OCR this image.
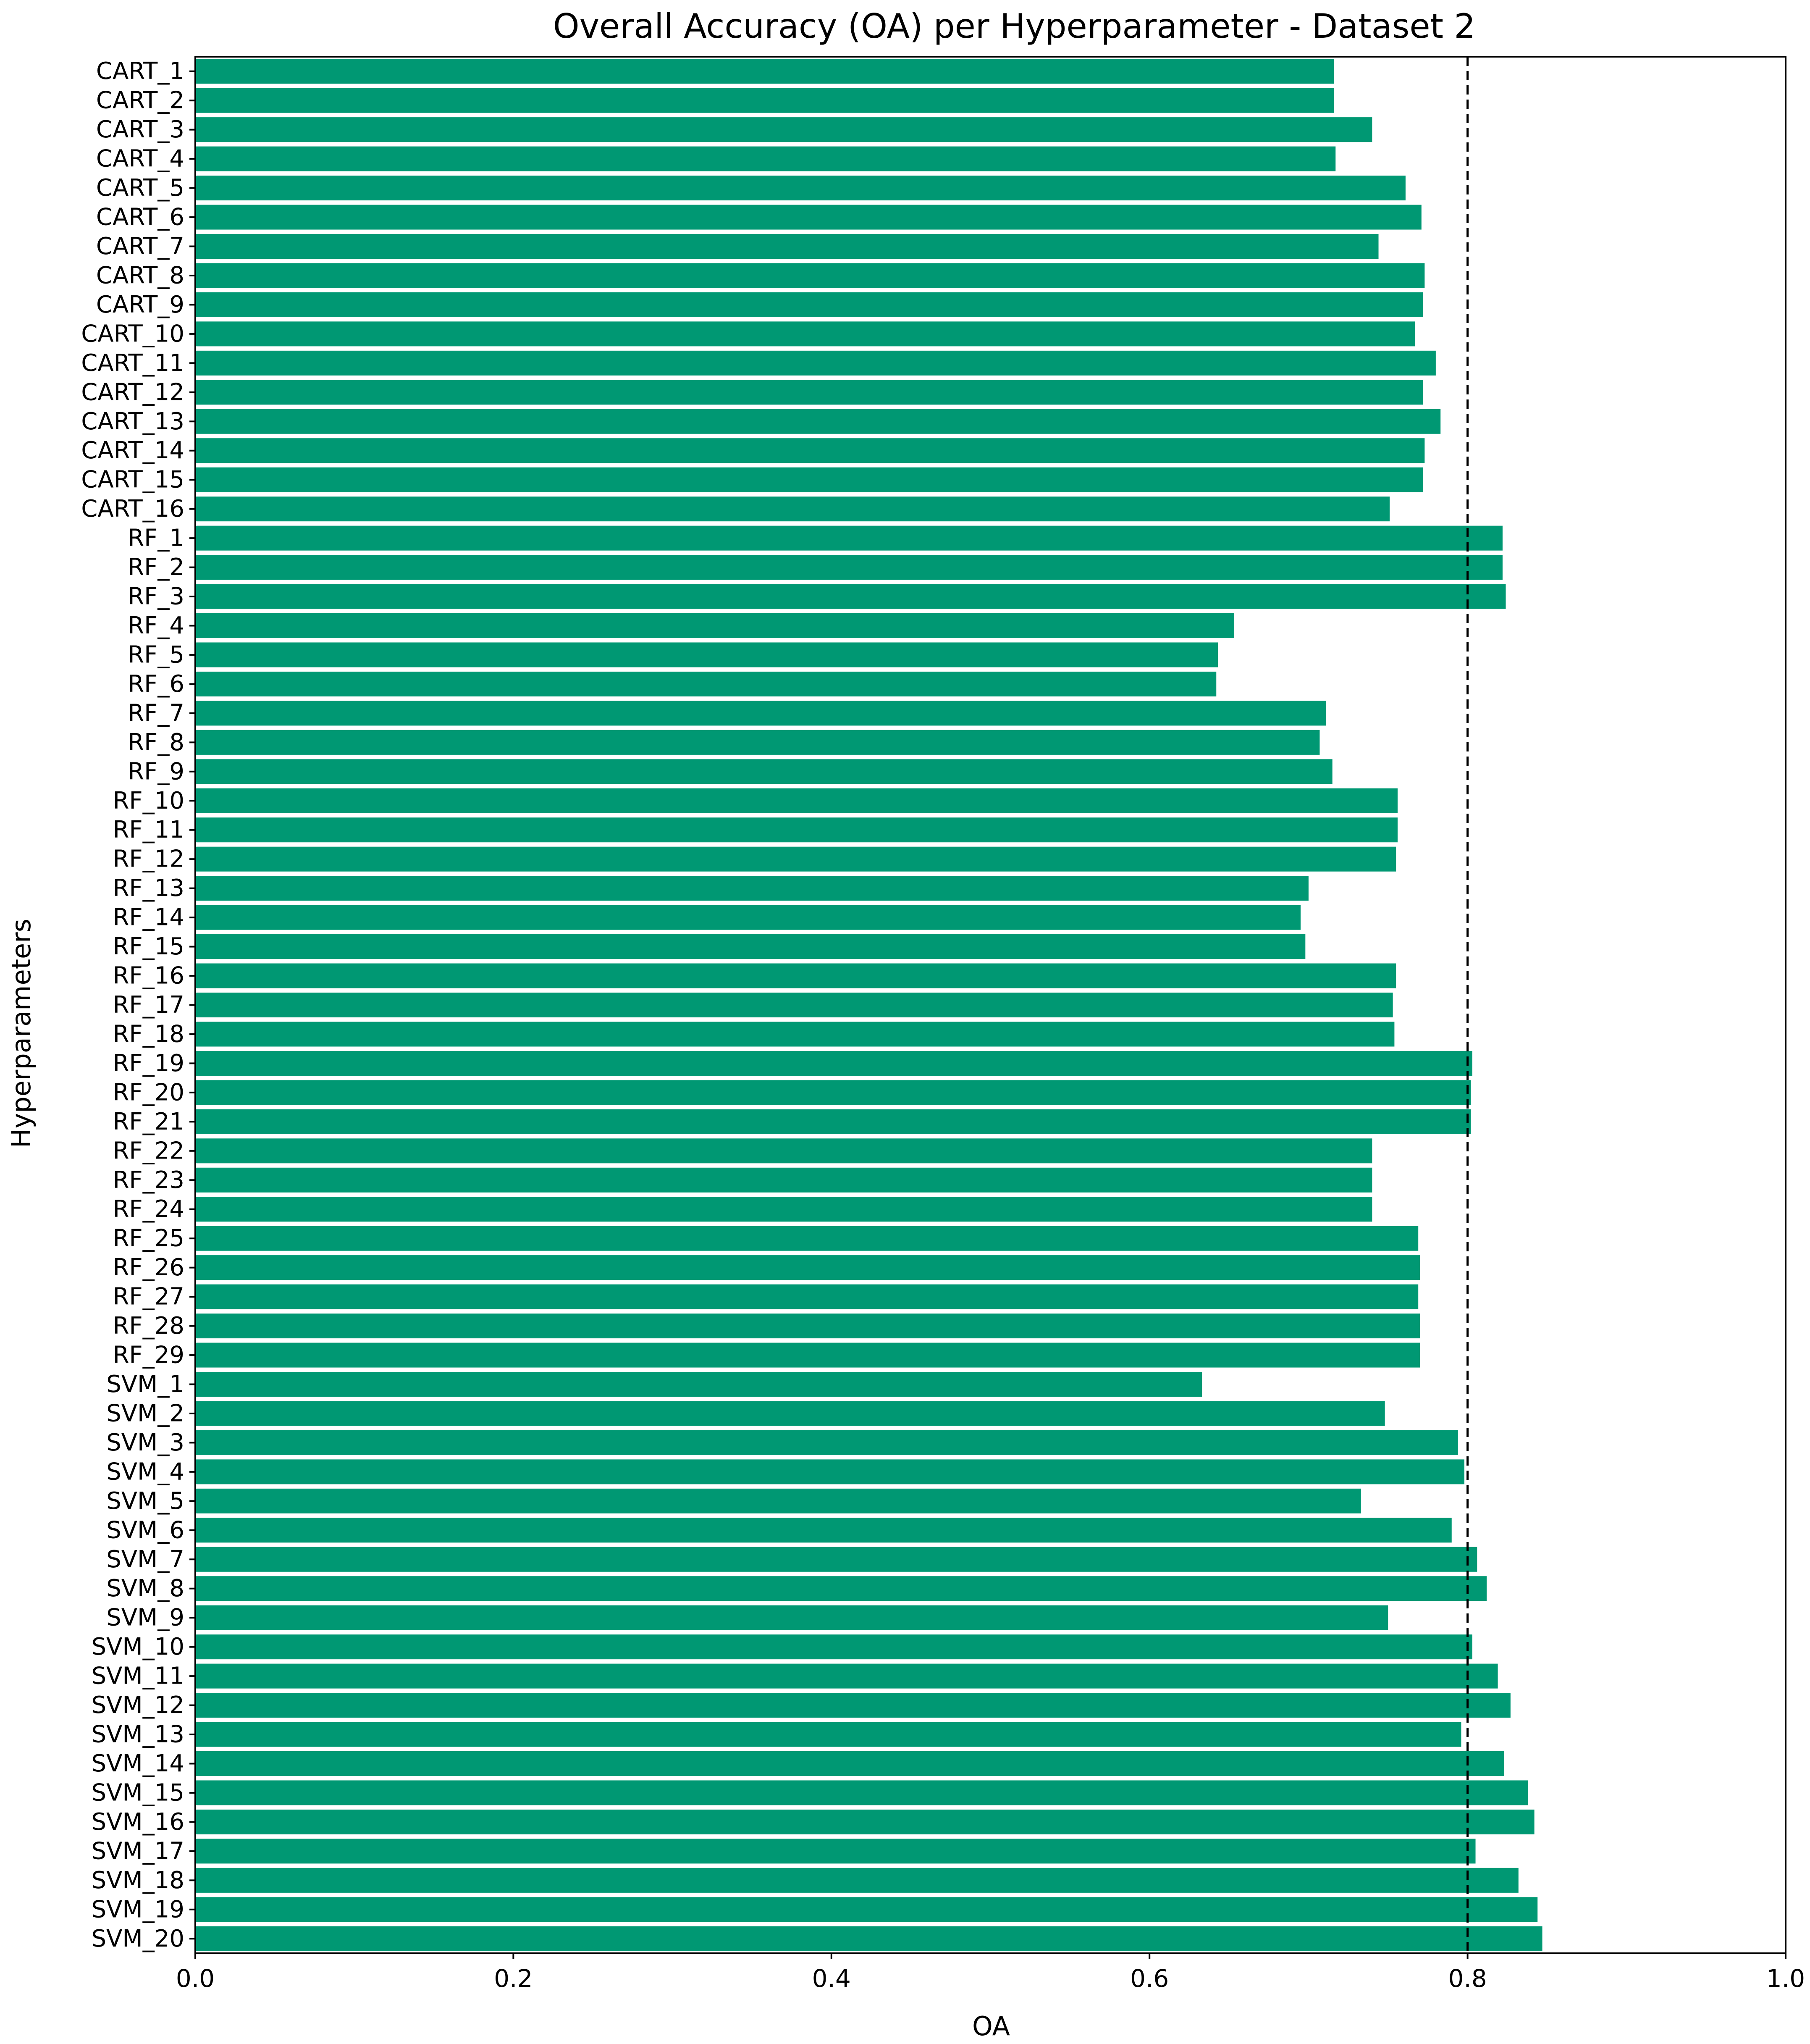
Overall Accuracy (OA) per Hyperparameter - Dataset 2
CART_1
CART_2
CART_3
CART_4
CART_5
CART_6
CART_7
CART_8
CART_9
CART_10
CART_11
CART_12
CART_13
CART_14
CART_15
CART_16
RF_1
RF_2
RF_3
RF_4
RF_5
RF_6
RF_7
RF_8
RF_9
RF_10
RF_11
RF_12
RF_13
RF_14
RF_15
RF_16
RF_17
RF_18
RF_19
RF_20
RF_21
RF_22
RF_23
RF_24
RF_25
RF_26
RF_27
RF_28
RF_29
SVM_1
SVM_2
SVM_3
SVM_4
SVM_5
SVM_6
SVM_7
SVM_8
SVM_9
SVM_10
SVM_11
SVM_12
SVM_13
SVM_14
SVM_15
SVM_16
SVM_17
SVM_18
SVM_19
SVM_20
0.0	0.2	0.4	0.6	0.8	1.0
OA
Hyperparameters
